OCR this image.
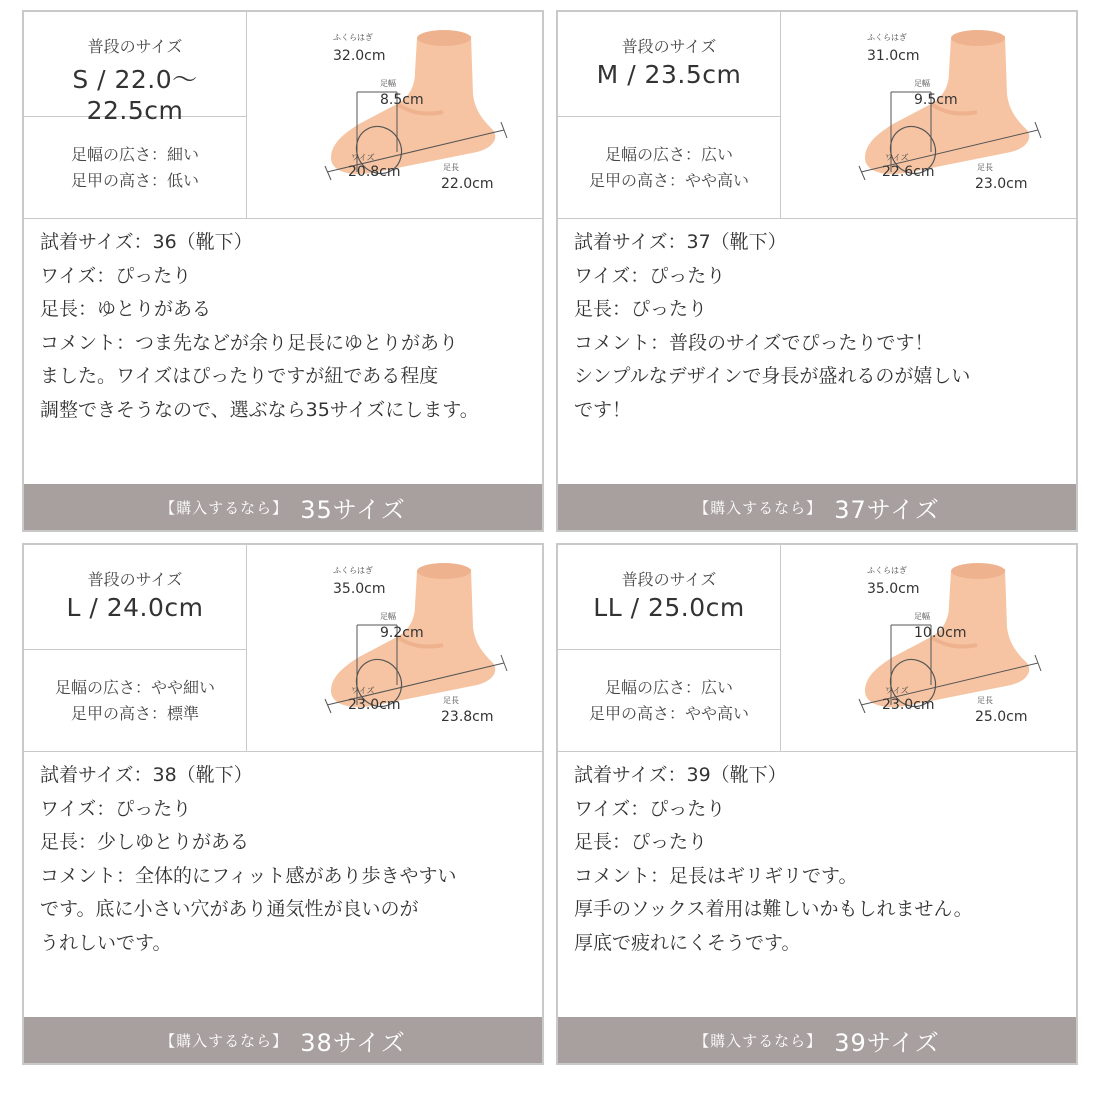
普段のサイズ
S / 22.0〜22.5cm
足幅の広さ：細い
足甲の高さ：低い
ふくらはぎ
32.0cm
足幅
8.5cm
ワイズ
20.8cm	足長
22.0cm
試着サイズ：36（靴下）
ワイズ：ぴったり
足長：ゆとりがある
コメント：つま先などが余り足長にゆとりがあり
ました。ワイズはぴったりですが紐である程度
調整できそうなので、選ぶなら35サイズにします。
【購入するなら】 35サイズ
普段のサイズ
M / 23.5cm
足幅の広さ：広い
足甲の高さ：やや高い
ふくらはぎ
31.0cm
足幅
9.5cm
ワイズ
22.6cm	足長
23.0cm
試着サイズ：37（靴下）
ワイズ：ぴったり
足長：ぴったり
コメント：普段のサイズでぴったりです！
シンプルなデザインで身長が盛れるのが嬉しい
です！
【購入するなら】 37サイズ
普段のサイズ
L / 24.0cm
足幅の広さ：やや細い
足甲の高さ：標準
ふくらはぎ
35.0cm
足幅
9.2cm
ワイズ
23.0cm	足長
23.8cm
試着サイズ：38（靴下）
ワイズ：ぴったり
足長：少しゆとりがある
コメント：全体的にフィット感があり歩きやすい
です。底に小さい穴があり通気性が良いのが
うれしいです。
【購入するなら】 38サイズ
普段のサイズ
LL / 25.0cm
足幅の広さ：広い
足甲の高さ：やや高い
ふくらはぎ
35.0cm
足幅
10.0cm
ワイズ
23.0cm	足長
25.0cm
試着サイズ：39（靴下）
ワイズ：ぴったり
足長：ぴったり
コメント：足長はギリギリです。
厚手のソックス着用は難しいかもしれません。
厚底で疲れにくそうです。
【購入するなら】 39サイズ
